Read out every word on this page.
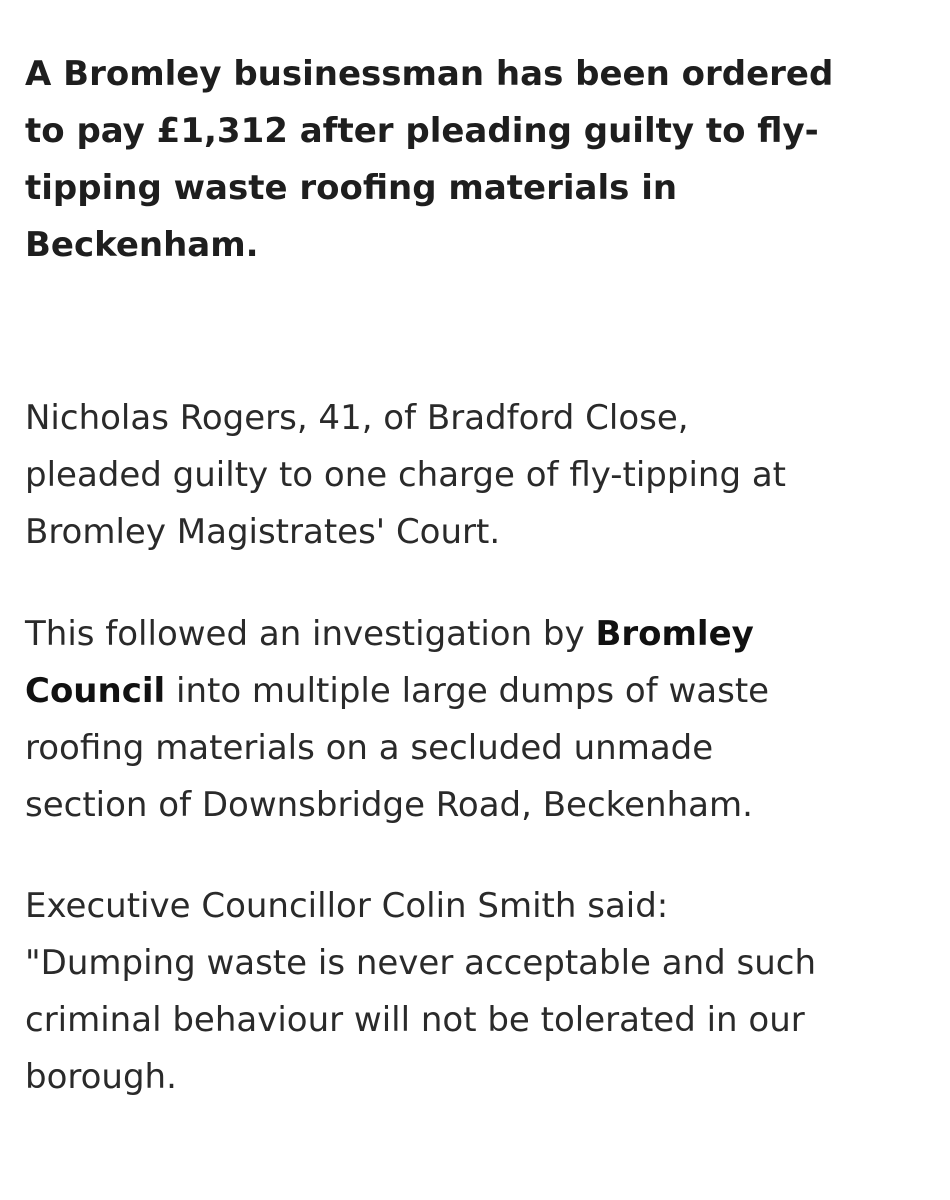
A Bromley businessman has been ordered
to pay £1,312 after pleading guilty to fly-
tipping waste roofing materials in
Beckenham.

Nicholas Rogers, 41, of Bradford Close,
pleaded guilty to one charge of fly-tipping at
Bromley Magistrates' Court.

This followed an investigation by Bromley
Council into multiple large dumps of waste
roofing materials on a secluded unmade
section of Downsbridge Road, Beckenham.

Executive Councillor Colin Smith said:
"Dumping waste is never acceptable and such
criminal behaviour will not be tolerated in our
borough.
